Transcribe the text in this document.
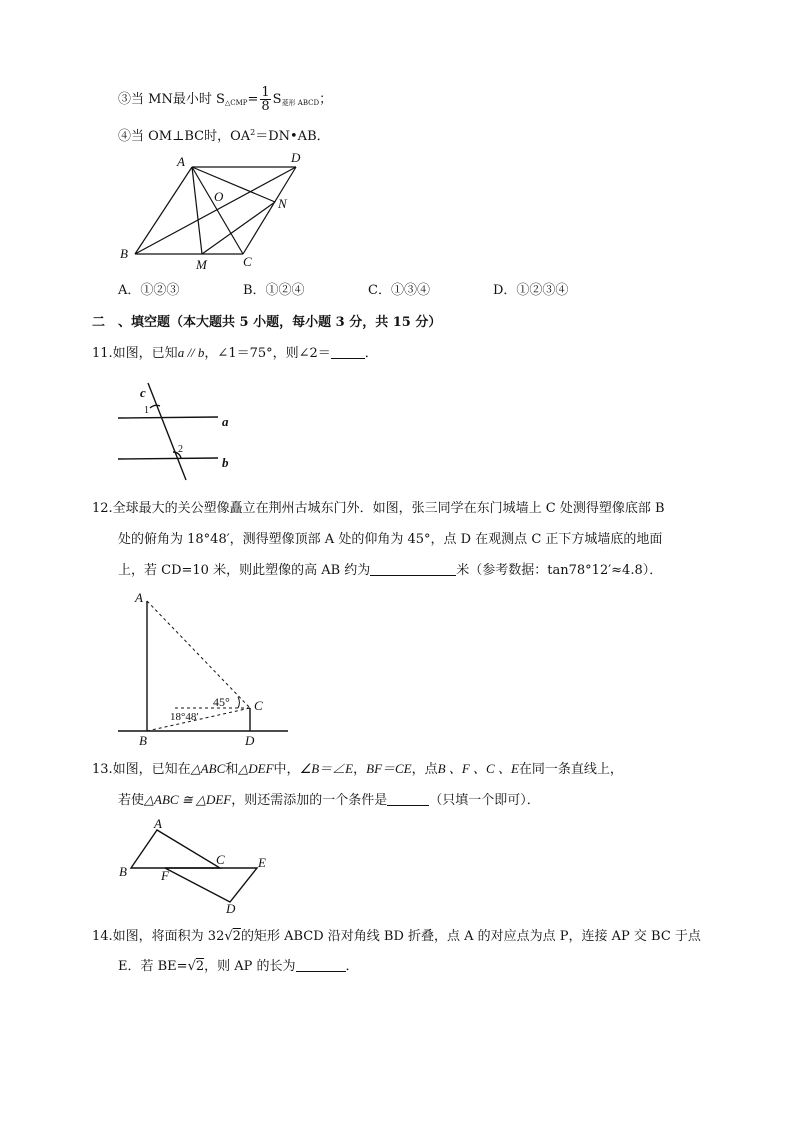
③当 MN最小时 $S_{\triangle CMP}= \frac{1}{8} S_{菱形 ABCD}$；
④当 OM⊥BC时，$OA^2=DN•AB$．
A	D
O	N
B
M	C
A．①②③	B．①②④	C．①③④	D．①②③④
二　、填空题（本大题共 5 小题，每小题 3 分，共 15 分）
11.如图，已知a // b，∠1＝75°，则∠2＝	．
c
1
2
a
b
12.全球最大的关公塑像矗立在荆州古城东门外．如图，张三同学在东门城墙上 C 处测得塑像底部 B
处的俯角为 18°48′，测得塑像顶部 A 处的仰角为 45°，点 D 在观测点 C 正下方城墙底的地面
上，若 CD=10 米，则此塑像的高 AB 约为	米（参考数据：tan78°12′≈4.8）．
A
C
B	D
45°
18°48′
13.如图，已知在△ABC和△DEF中，∠B＝∠E，BF＝CE，点B 、F 、C 、E在同一条直线上，
若使△ABC ≅ △DEF，则还需添加的一个条件是	（只填一个即可）．
A
B
C	E
F
D
14.如图，将面积为 32√2的矩形 ABCD 沿对角线 BD 折叠，点 A 的对应点为点 P，连接 AP 交 BC 于点
E．若 BE=√2，则 AP 的长为	．
